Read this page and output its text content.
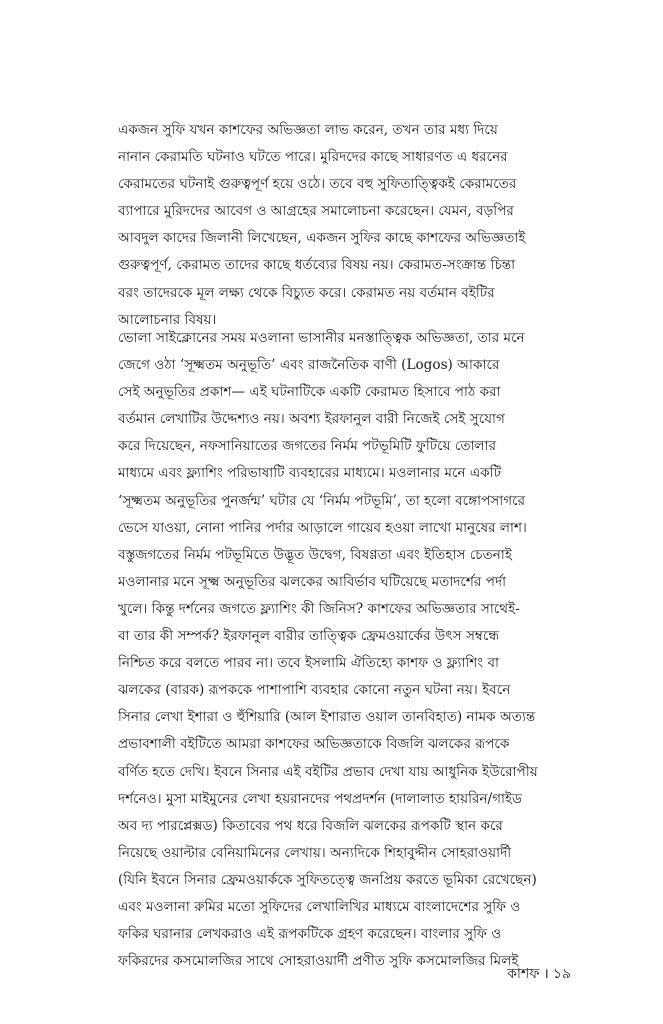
একজন সুফি যখন কাশফের অভিজ্ঞতা লাভ করেন, তখন তার মধ্য দিয়ে
নানান কেরামতি ঘটনাও ঘটতে পারে। মুরিদদের কাছে সাধারণত এ ধরনের
কেরামতের ঘটনাই গুরুত্বপূর্ণ হয়ে ওঠে। তবে বহু সুফিতাত্ত্বিকই কেরামতের
ব্যাপারে মুরিদদের আবেগ ও আগ্রহের সমালোচনা করেছেন। যেমন, বড়পির
আবদুল কাদের জিলানী লিখেছেন, একজন সুফির কাছে কাশফের অভিজ্ঞতাই
গুরুত্বপূর্ণ, কেরামত তাদের কাছে ধর্তব্যের বিষয় নয়। কেরামত-সংক্রান্ত চিন্তা
বরং তাদেরকে মূল লক্ষ্য থেকে বিচ্যুত করে। কেরামত নয় বর্তমান বইটির
আলোচনার বিষয়।
ভোলা সাইক্লোনের সময় মওলানা ভাসানীর মনস্তাত্ত্বিক অভিজ্ঞতা, তার মনে
জেগে ওঠা ‘সূক্ষ্মতম অনুভূতি’ এবং রাজনৈতিক বাণী (Logos) আকারে
সেই অনুভূতির প্রকাশ— এই ঘটনাটিকে একটি কেরামত হিসাবে পাঠ করা
বর্তমান লেখাটির উদ্দেশ্যও নয়। অবশ্য ইরফানুল বারী নিজেই সেই সুযোগ
করে দিয়েছেন, নফসানিয়াতের জগতের নির্মম পটভূমিটি ফুটিয়ে তোলার
মাধ্যমে এবং ফ্ল্যাশিং পরিভাষাটি ব্যবহারের মাধ্যমে। মওলানার মনে একটি
‘সূক্ষ্মতম অনুভূতির পুনর্জন্ম’ ঘটার যে ‘নির্মম পটভূমি’, তা হলো বঙ্গোপসাগরে
ভেসে যাওয়া, নোনা পানির পর্দার আড়ালে গায়েব হওয়া লাখো মানুষের লাশ।
বস্তুজগতের নির্মম পটভূমিতে উদ্ভূত উদ্বেগ, বিষণ্ণতা এবং ইতিহাস চেতনাই
মওলানার মনে সূক্ষ্ম অনুভূতির ঝলকের আবির্ভাব ঘটিয়েছে মতাদর্শের পর্দা
খুলে। কিন্তু দর্শনের জগতে ফ্ল্যাশিং কী জিনিস? কাশফের অভিজ্ঞতার সাথেই-
বা তার কী সম্পর্ক? ইরফানুল বারীর তাত্ত্বিক ফ্রেমওয়ার্কের উৎস সম্বন্ধে
নিশ্চিত করে বলতে পারব না। তবে ইসলামি ঐতিহ্যে কাশফ ও ফ্ল্যাশিং বা
ঝলকের (বারক) রূপককে পাশাপাশি ব্যবহার কোনো নতুন ঘটনা নয়। ইবনে
সিনার লেখা ইশারা ও হুঁশিয়ারি (আল ইশারাত ওয়াল তানবিহাত) নামক অত্যন্ত
প্রভাবশালী বইটিতে আমরা কাশফের অভিজ্ঞতাকে বিজলি ঝলকের রূপকে
বর্ণিত হতে দেখি। ইবনে সিনার এই বইটির প্রভাব দেখা যায় আধুনিক ইউরোপীয়
দর্শনেও। মুসা মাইমুনের লেখা হয়রানদের পথপ্রদর্শন (দালালাত হায়রিন/গাইড
অব দ্য পারপ্লেক্সড) কিতাবের পথ ধরে বিজলি ঝলকের রূপকটি স্থান করে
নিয়েছে ওয়াল্টার বেনিয়ামিনের লেখায়। অন্যদিকে শিহাবুদ্দীন সোহরাওয়ার্দী
(যিনি ইবনে সিনার ফ্রেমওয়ার্ককে সুফিতত্ত্বে জনপ্রিয় করতে ভূমিকা রেখেছেন)
এবং মওলানা রুমির মতো সুফিদের লেখালিখির মাধ্যমে বাংলাদেশের সুফি ও
ফকির ঘরানার লেখকরাও এই রূপকটিকে গ্রহণ করেছেন। বাংলার সুফি ও
ফকিরদের কসমোলজির সাথে সোহরাওয়ার্দী প্রণীত সুফি কসমোলজির মিলই
কাশফ । ১৯
